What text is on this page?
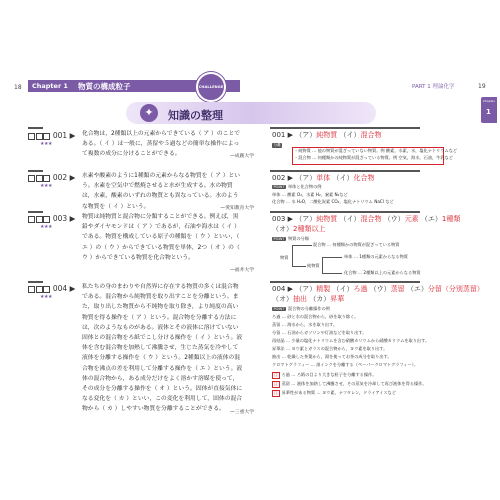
18 Chapter 1 物質の構成粒子	CHALLENGE	PART 1 理論化学	19
Chapter
1
✦	知識の整理
001 ▶
★★★
化合物は，2種類以上の元素からできている（ ア ）のことである。（ イ ）は一般に，蒸留や５過などの簡単な操作によって複数の成分に分けることができる。	—成蹊大学
002 ▶
★★★
水素や酸素のように1種類の元素からなる物質を（ ア ）という。水素を空気中で燃焼させると水が生成する。水の物質は，水素，酸素のいずれの物質とも異なっている。水のような物質を（ イ ）という。	—愛知教育大学
003 ▶
★★★
物質は純物質と混合物に分類することができる。例えば，黒鉛やダイヤモンドは（ ア ）であるが，石油や海水は（ イ ）である。物質を構成している原子の種類を（ ウ ）といい，（ エ ）の（ ウ ）からできている物質を単体，2つ（ オ ）の（ ウ ）からできている物質を化合物という。
—福井大学
004 ▶
★★★
私たちの身のまわりや自然界に存在する物質の多くは混合物である。混合物から純物質を取り出すことを分離という。また，取り出した物質から不純物を取り除き，より純度の高い物質を得る操作を（ ア ）という。混合物を分離する方法には，次のようなものがある。液体とその液体に溶けていない固体との混合物をろ紙でこし分ける操作を（ イ ）という。液体を含む混合物を加熱して沸騰させ，生じた蒸気を冷やして液体を分離する操作を（ ウ ）という。2種類以上の液体の混合物を沸点の差を利用して分離する操作を（ エ ）という。液体の混合物から，ある成分だけをよく溶かす溶媒を使って，その成分を分離する操作を（ オ ）という。固体が直接気体になる変化を（ カ ）といい，この変化を利用して，固体の混合物から（ カ ）しやすい物質を分離することができる。
—三重大学
001 ▶ （ア）純物質 （イ）混合物
分離
・純物質 … 他の物質が混ざっていない物質。例 酸素，水素，水，塩化ナトリウムなど
・混合物 … 何種類かの純物質が混ざっている物質。例 空気，海水，石油，牛乳など
002 ▶ （ア）単体 （イ）化合物
POINT 単体と化合物の例
単体 … 酸素 O₂，水素 H₂，窒素 N₂など
化合物 … 水 H₂O，二酸化炭素 CO₂，塩化ナトリウム NaCl など
003 ▶ （ア）純物質 （イ）混合物 （ウ）元素 （エ）1種類
（オ）2種類以上
POINT 物質の分類
物質
混合物 … 何種類かの物質が混ざっている物質
純物質
単体 … 1種類の元素からなる物質
化合物 … 2種類以上の元素からなる物質
004 ▶ （ア）精製 （イ）ろ過 （ウ）蒸留 （エ）分留（分別蒸留）
（オ）抽出 （カ）昇華
POINT 混合物の分離操作の例
ろ過 … 砂と水の混合物から，砂を取り除く。
蒸留 … 海水から，水を取り出す。
分留 … 石油からガソリンや灯油などを取り出す。
再結晶 … 少量の塩化ナトリウムを含む硝酸カリウムから硝酸カリウムを取り出す。
昇華法 … ヨウ素とガラスの混合物から，ヨウ素を取り出す。
抽出 … 乾燥した茶葉から，湯を使ってお茶の成分を取り出す。
クロマトグラフィー … 黒インクを分離する（ペーパークロマトグラフィー）。
注 ろ過 … ろ紙の目より大きな粒子を分離する操作。
注 蒸留 … 液体を加熱して沸騰させ，その蒸気を冷却して再び液体を得る操作。
注 昇華性がある物質 … ヨウ素，ナフタレン，ドライアイスなど
